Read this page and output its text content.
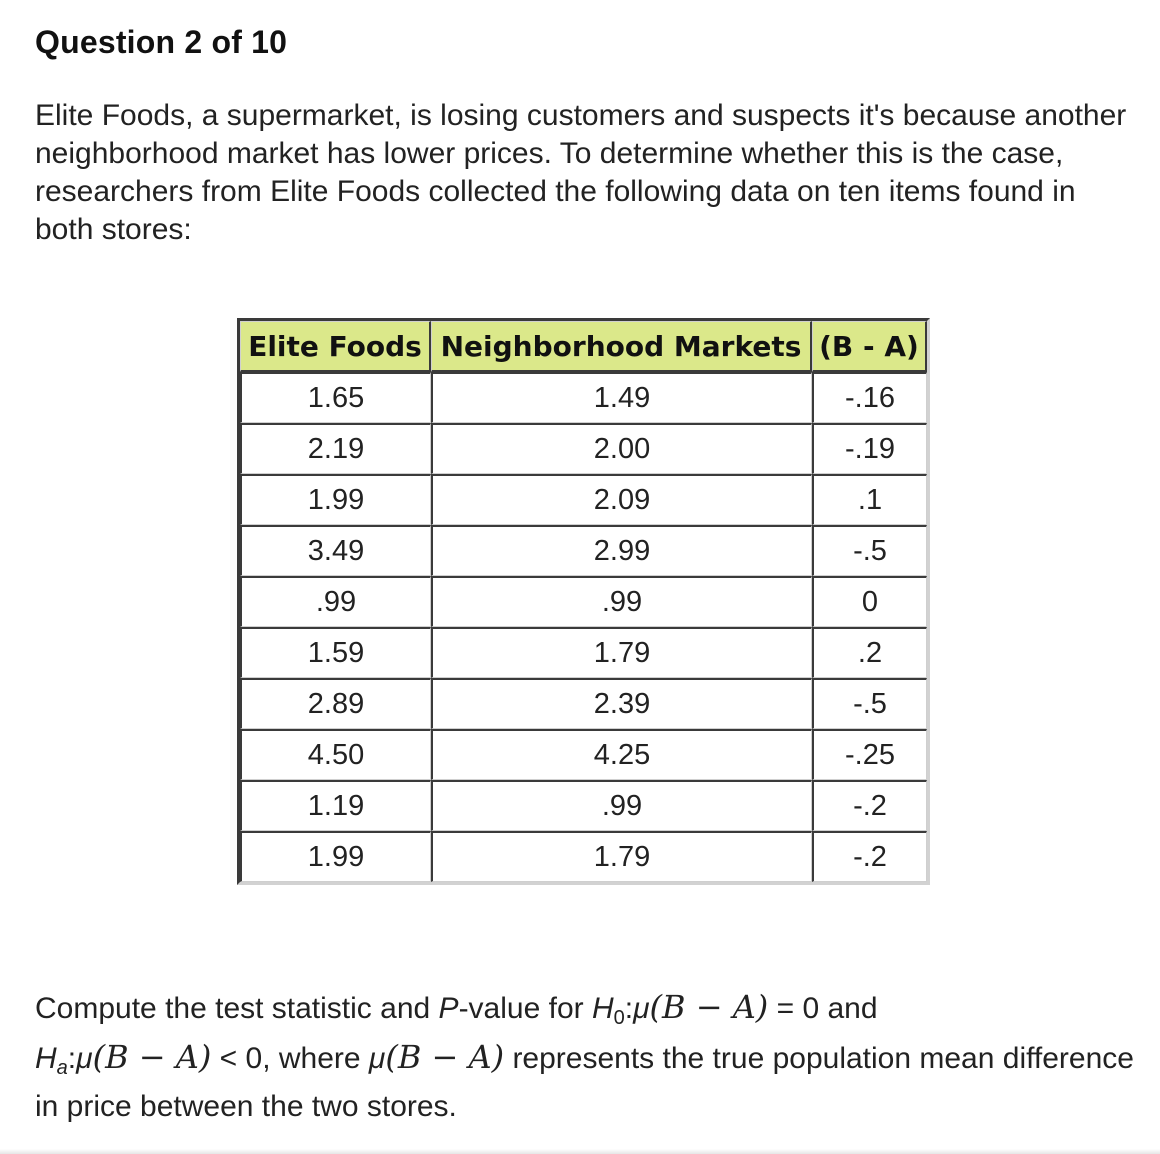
Question 2 of 10
Elite Foods, a supermarket, is losing customers and suspects it's because another neighborhood market has lower prices. To determine whether this is the case, researchers from Elite Foods collected the following data on ten items found in both stores:
Elite Foods	Neighborhood Markets	(B - A)
1.65	1.49	-.16
2.19	2.00	-.19
1.99	2.09	.1
3.49	2.99	-.5
.99	.99	0
1.59	1.79	.2
2.89	2.39	-.5
4.50	4.25	-.25
1.19	.99	-.2
1.99	1.79	-.2
Compute the test statistic and P-value for $H_0:\mu(B - A) = 0$ and
$H_a:\mu(B - A) < 0$, where μ(B − A) represents the true population mean difference in price between the two stores.
